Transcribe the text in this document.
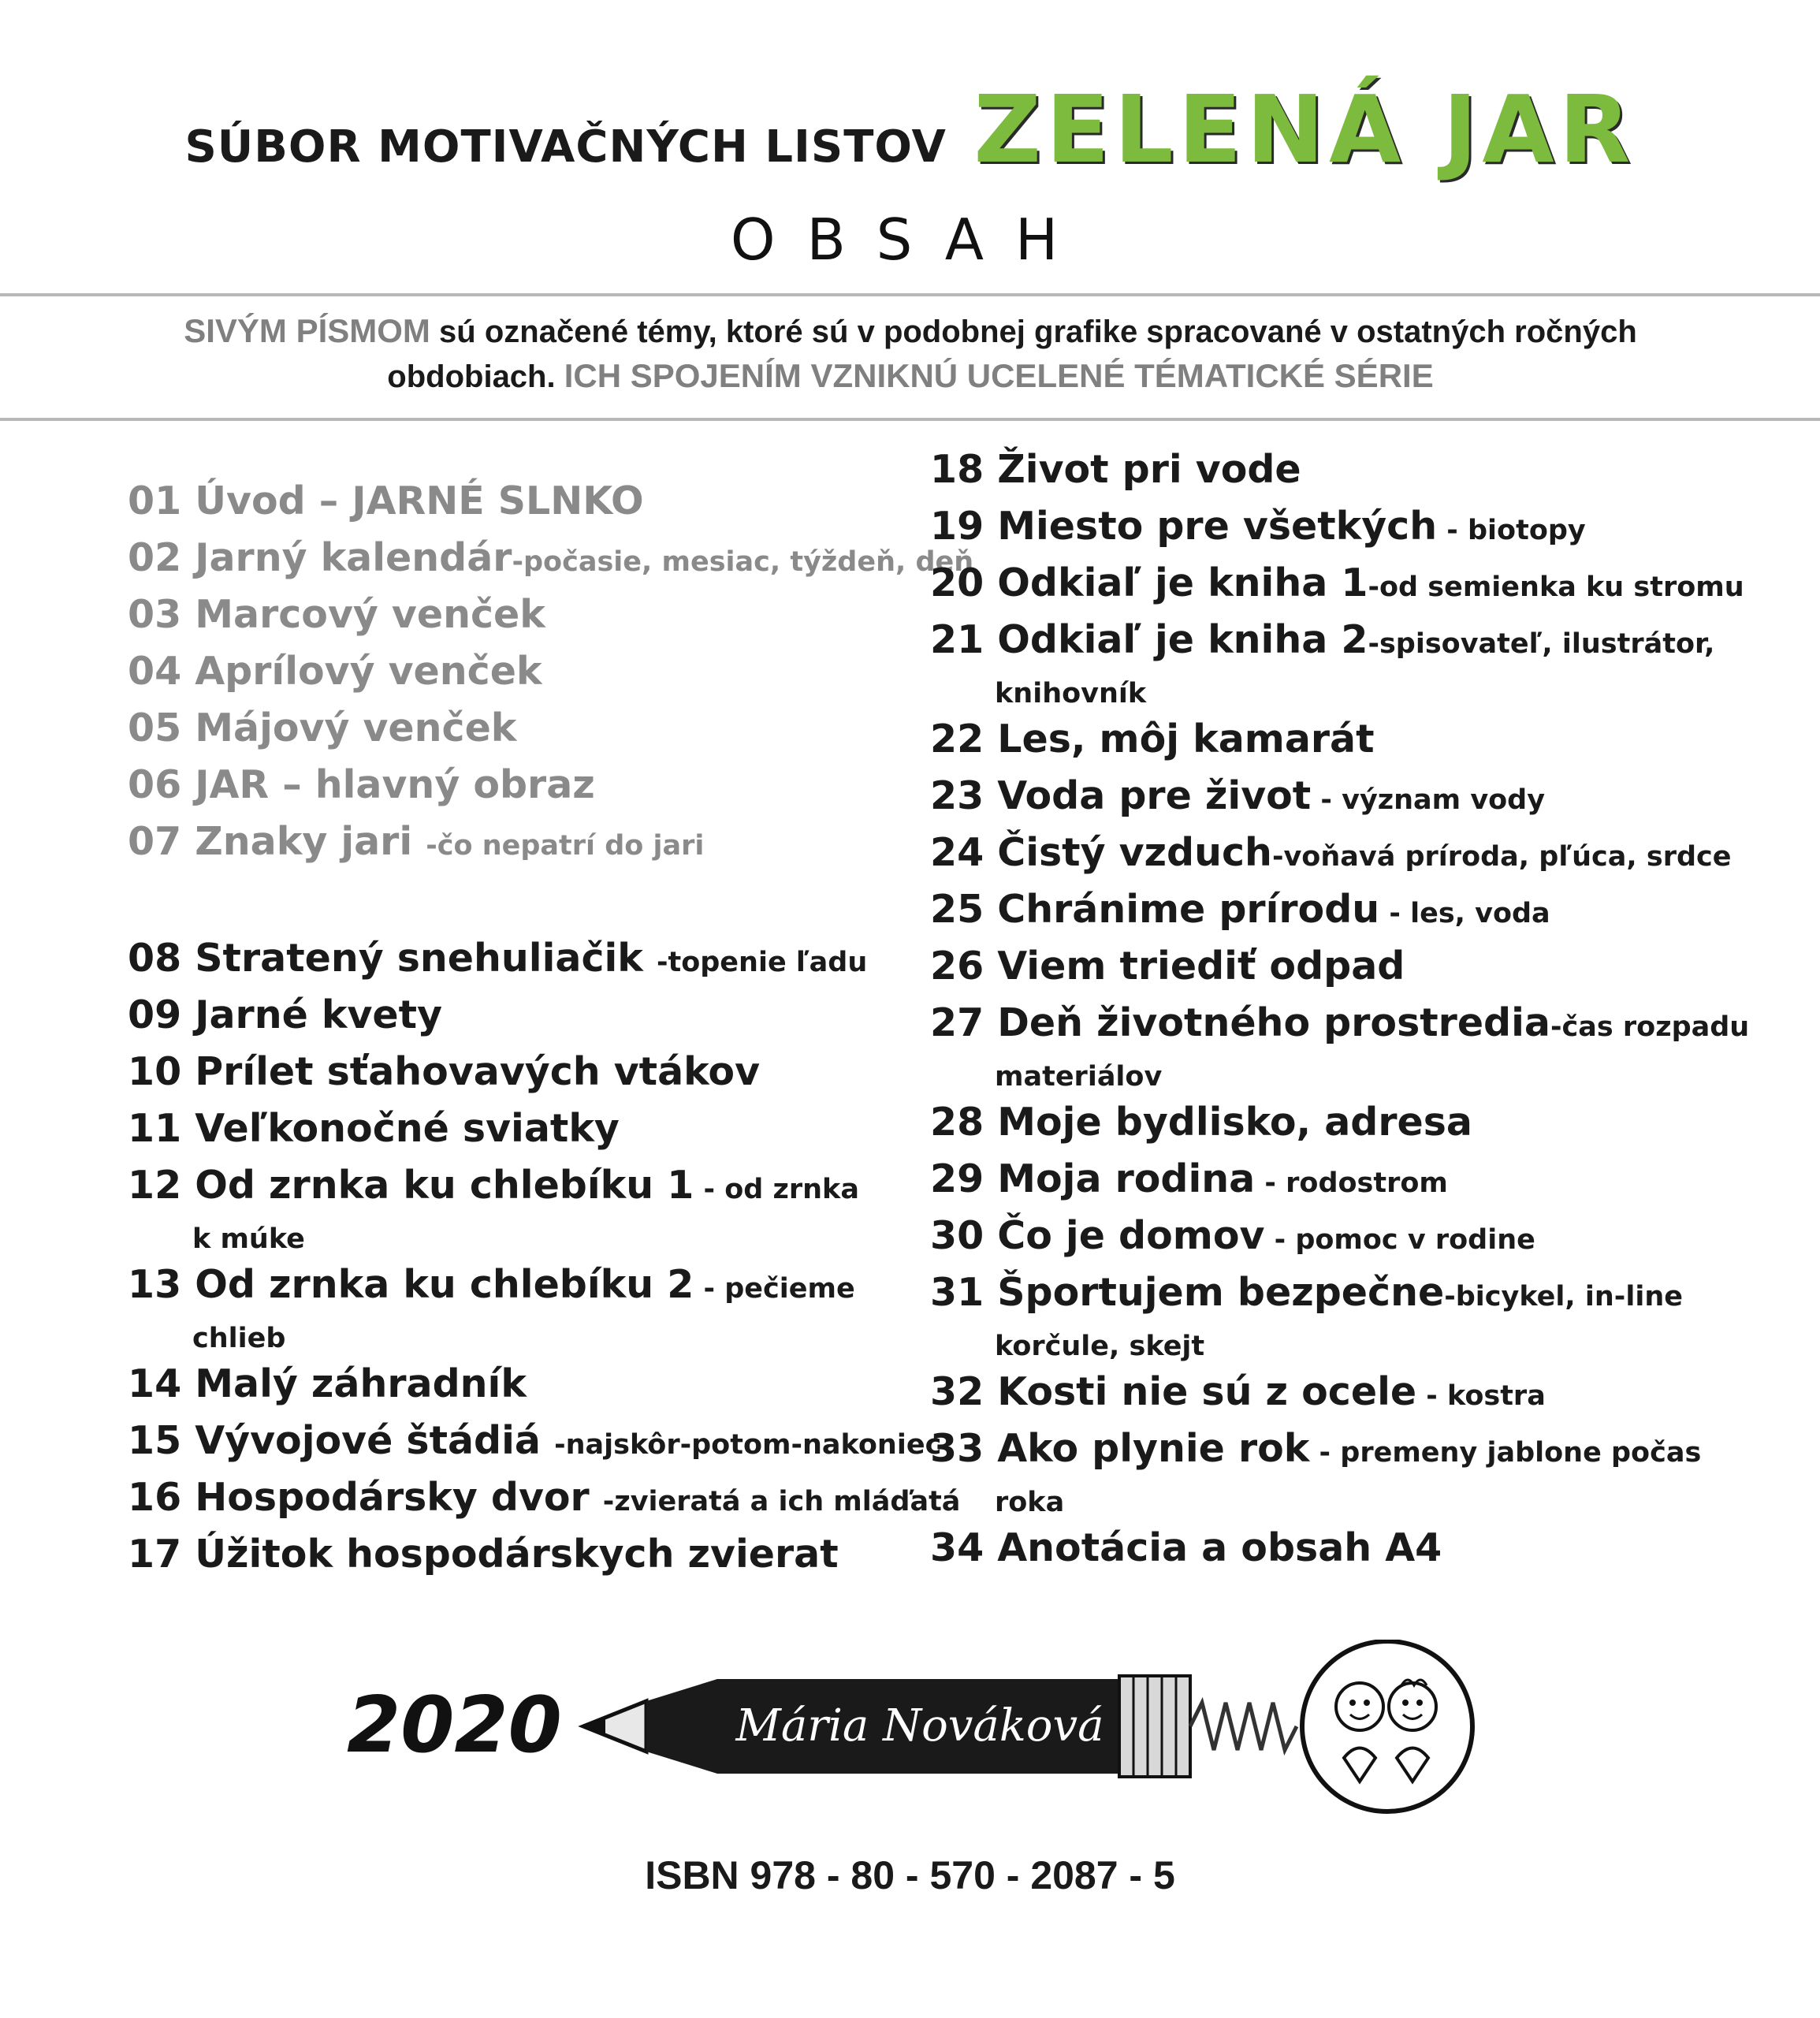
SÚBOR MOTIVAČNÝCH LISTOV ZELENÁ JAR
OBSAH
SIVÝM PÍSMOM sú označené témy, ktoré sú v podobnej grafike spracované v ostatných ročných obdobiach. ICH SPOJENÍM VZNIKNÚ UCELENÉ TÉMATICKÉ SÉRIE
01 Úvod – JARNÉ SLNKO
02 Jarný kalendár-počasie, mesiac, týždeň, deň
03 Marcový venček
04 Aprílový venček
05 Májový venček
06 JAR – hlavný obraz
07 Znaky jari -čo nepatrí do jari
08 Stratený snehuliačik -topenie ľadu
09 Jarné kvety
10 Prílet sťahovavých vtákov
11 Veľkonočné sviatky
12 Od zrnka ku chlebíku 1 - od zrnka
k múke
13 Od zrnka ku chlebíku 2 - pečieme
chlieb
14 Malý záhradník
15 Vývojové štádiá -najskôr-potom-nakoniec
16 Hospodársky dvor -zvieratá a ich mláďatá
17 Úžitok hospodárskych zvierat
18 Život pri vode
19 Miesto pre všetkých - biotopy
20 Odkiaľ je kniha 1-od semienka ku stromu
21 Odkiaľ je kniha 2-spisovateľ, ilustrátor,
knihovník
22 Les, môj kamarát
23 Voda pre život - význam vody
24 Čistý vzduch-voňavá príroda, pľúca, srdce
25 Chránime prírodu - les, voda
26 Viem triediť odpad
27 Deň životného prostredia-čas rozpadu
materiálov
28 Moje bydlisko, adresa
29 Moja rodina - rodostrom
30 Čo je domov - pomoc v rodine
31 Športujem bezpečne-bicykel, in-line
korčule, skejt
32 Kosti nie sú z ocele - kostra
33 Ako plynie rok - premeny jablone počas
roka
34 Anotácia a obsah A4
2020	Mária Nováková
ISBN 978 - 80 - 570 - 2087 - 5
